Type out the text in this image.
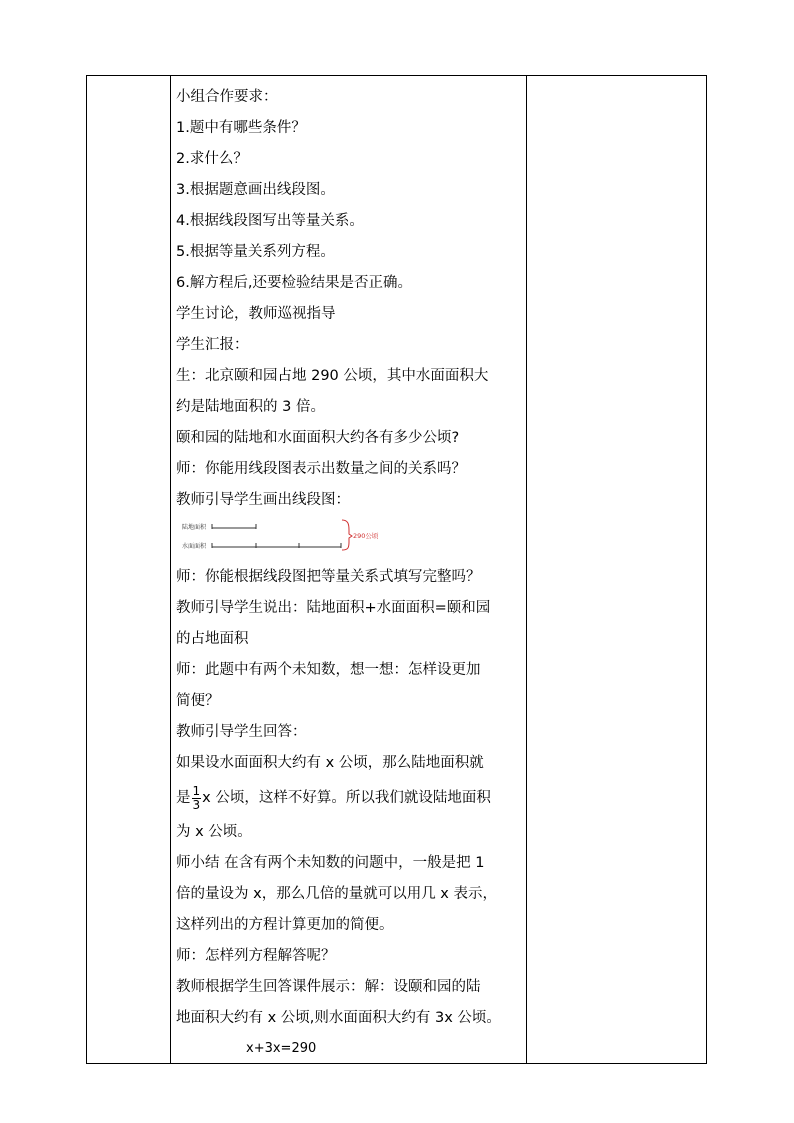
小组合作要求：
1.题中有哪些条件？
2.求什么？
3.根据题意画出线段图。
4.根据线段图写出等量关系。
5.根据等量关系列方程。
6.解方程后,还要检验结果是否正确。
学生讨论，教师巡视指导
学生汇报：
生：北京颐和园占地 290 公顷，其中水面面积大
约是陆地面积的 3 倍。
颐和园的陆地和水面面积大约各有多少公顷?
师：你能用线段图表示出数量之间的关系吗？
教师引导学生画出线段图：
陆地面积
水面面积
290公顷
师：你能根据线段图把等量关系式填写完整吗？
教师引导学生说出：陆地面积+水面面积=颐和园
的占地面积
师：此题中有两个未知数，想一想：怎样设更加
简便？
教师引导学生回答：
如果设水面面积大约有 x 公顷，那么陆地面积就
是 $\frac{1}{3}$ x 公顷，这样不好算。所以我们就设陆地面积
为 x 公顷。
师小结 在含有两个未知数的问题中，一般是把 1
倍的量设为 x，那么几倍的量就可以用几 x 表示，
这样列出的方程计算更加的简便。
师：怎样列方程解答呢？
教师根据学生回答课件展示：解：设颐和园的陆
地面积大约有 x 公顷,则水面面积大约有 3x 公顷。
x+3x=290
